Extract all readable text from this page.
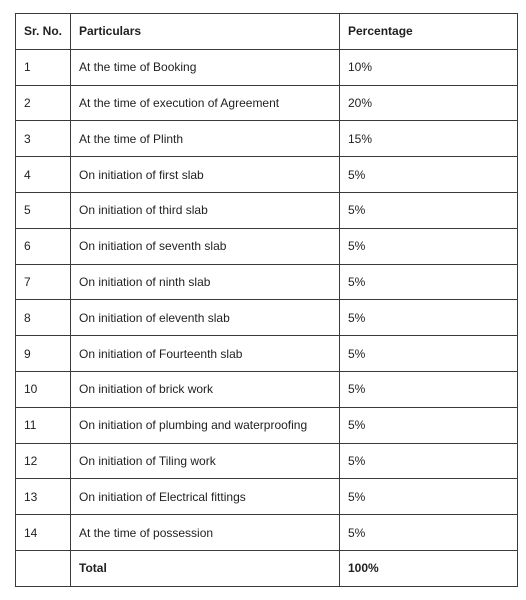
Sr. No.	Particulars	Percentage
1	At the time of Booking	10%
2	At the time of execution of Agreement	20%
3	At the time of Plinth	15%
4	On initiation of first slab	5%
5	On initiation of third slab	5%
6	On initiation of seventh slab	5%
7	On initiation of ninth slab	5%
8	On initiation of eleventh slab	5%
9	On initiation of Fourteenth slab	5%
10	On initiation of brick work	5%
11	On initiation of plumbing and waterproofing	5%
12	On initiation of Tiling work	5%
13	On initiation of Electrical fittings	5%
14	At the time of possession	5%
	Total	100%
